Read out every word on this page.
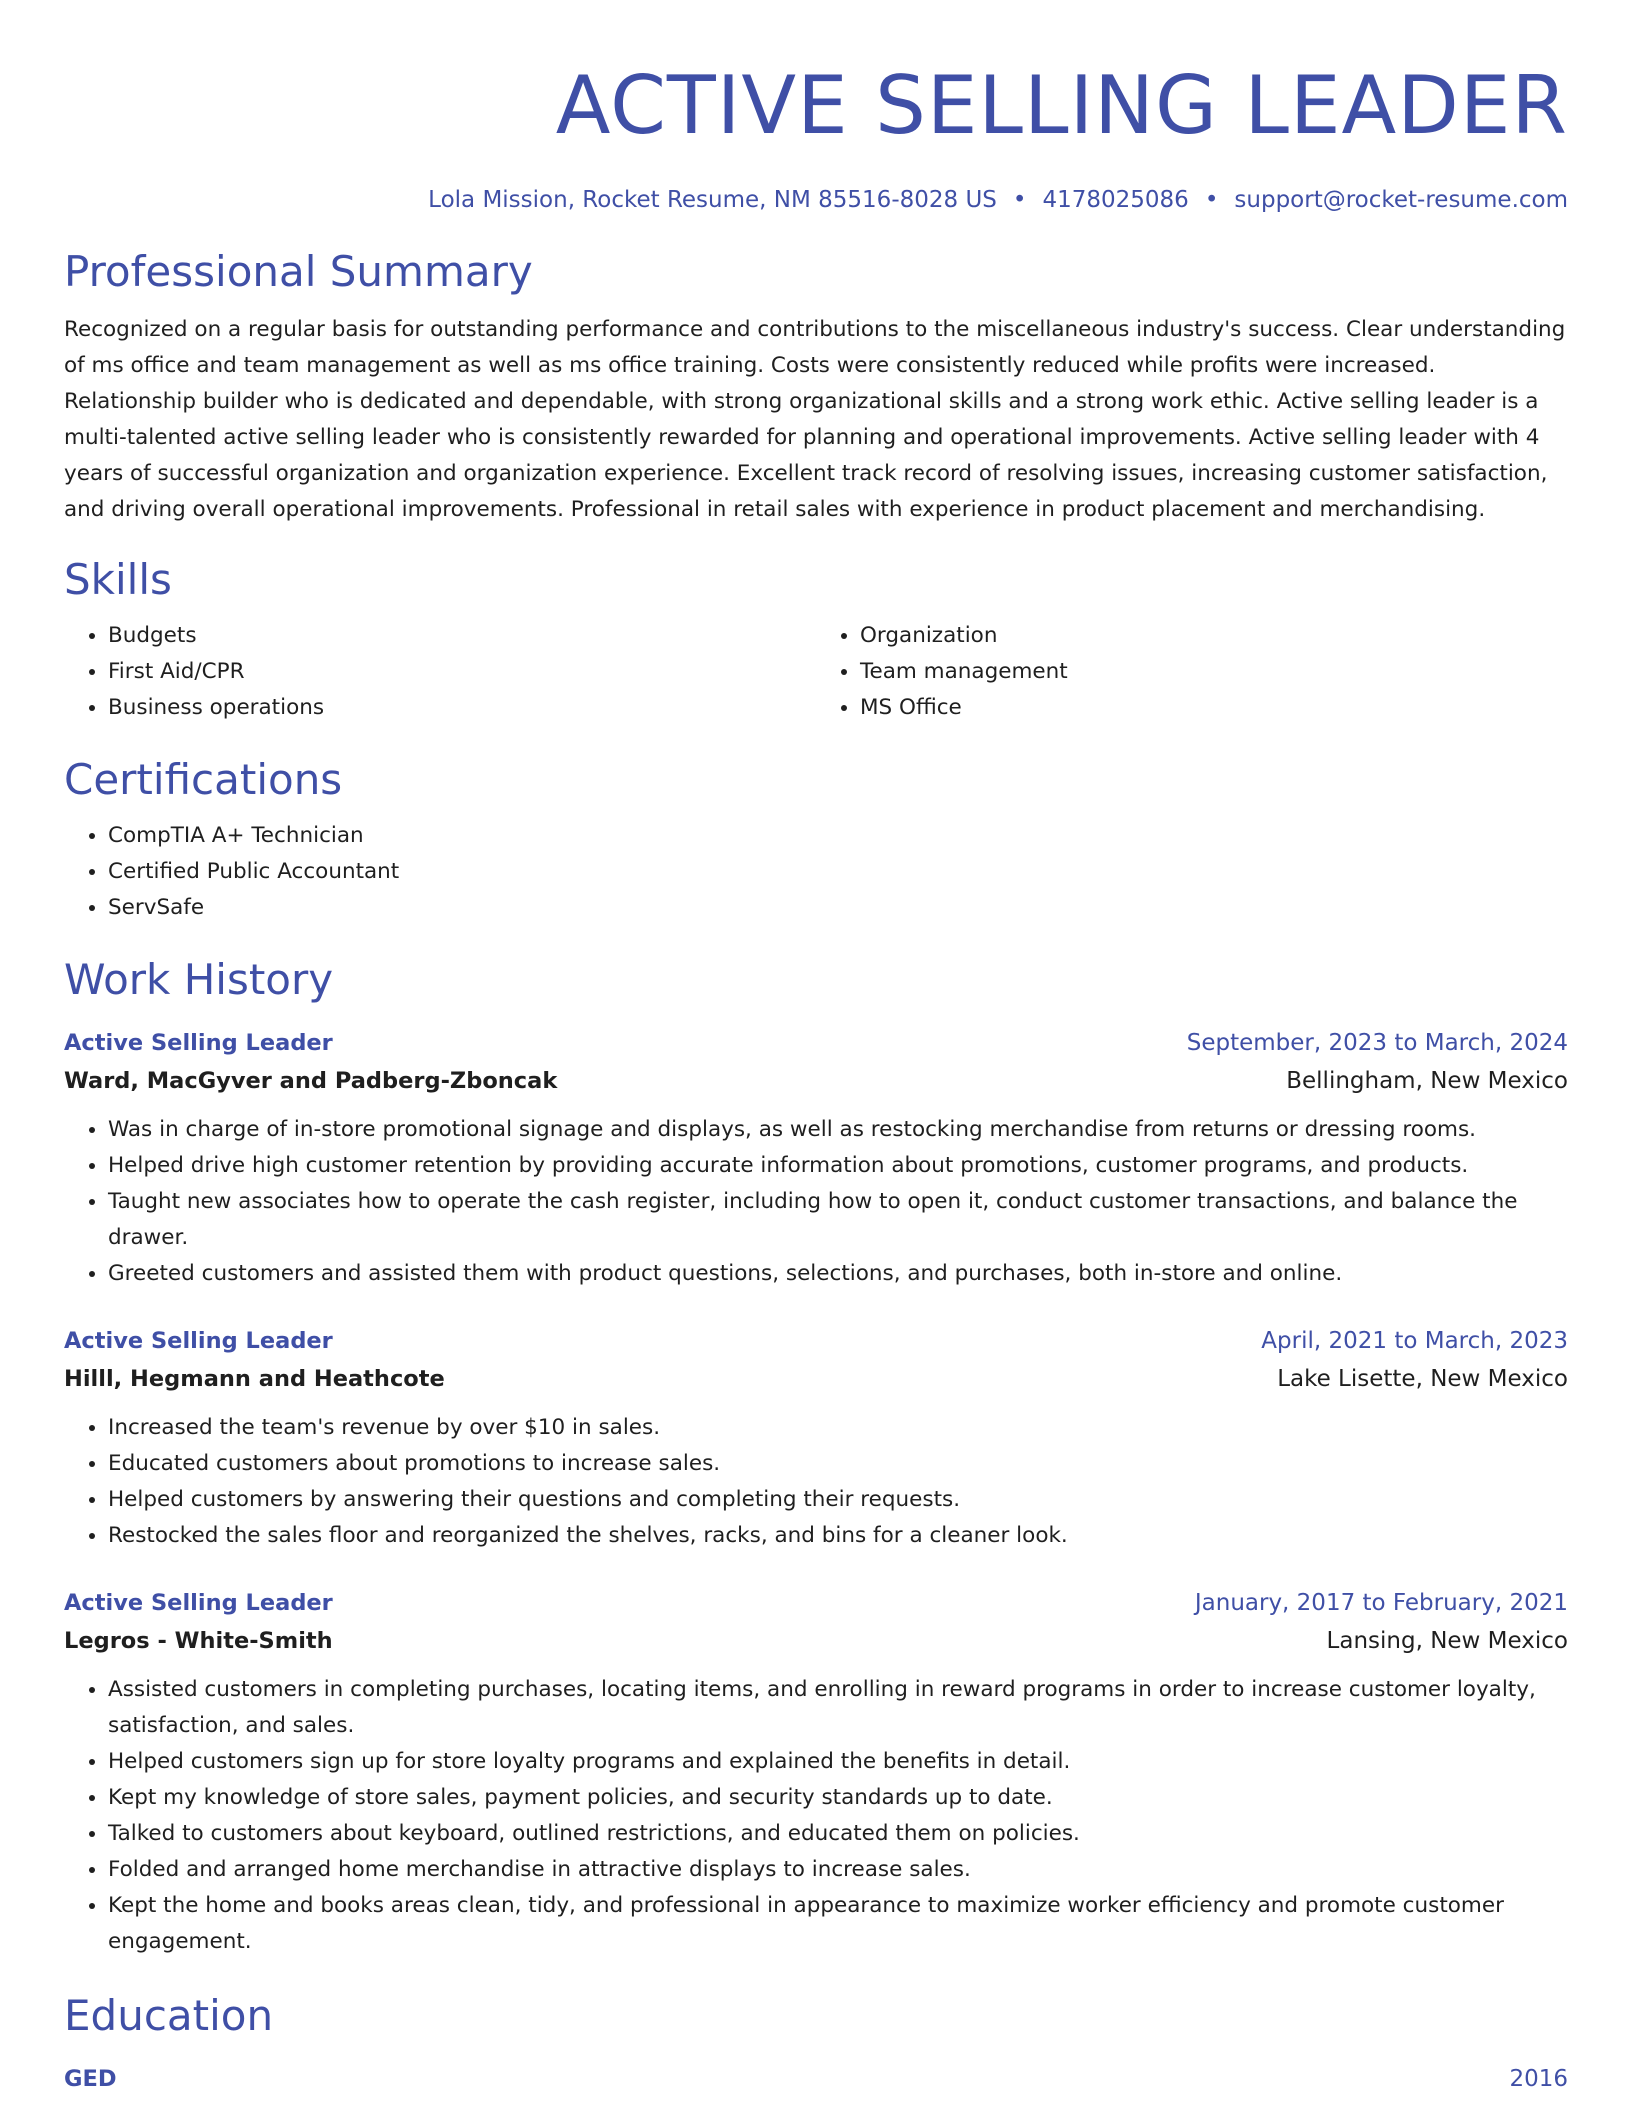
ACTIVE SELLING LEADER
Lola Mission, Rocket Resume, NM 85516-8028 US • 4178025086 • support@rocket-resume.com
Professional Summary

Recognized on a regular basis for outstanding performance and contributions to the miscellaneous industry's success. Clear understanding of ms office and team management as well as ms office training. Costs were consistently reduced while profits were increased. Relationship builder who is dedicated and dependable, with strong organizational skills and a strong work ethic. Active selling leader is a multi-talented active selling leader who is consistently rewarded for planning and operational improvements. Active selling leader with 4 years of successful organization and organization experience. Excellent track record of resolving issues, increasing customer satisfaction, and driving overall operational improvements. Professional in retail sales with experience in product placement and merchandising.

Skills
• Budgets
• First Aid/CPR
• Business operations
• Organization
• Team management
• MS Office
Certifications
• CompTIA A+ Technician
• Certified Public Accountant
• ServSafe
Work History
Active Selling Leader	September, 2023 to March, 2024
Ward, MacGyver and Padberg-Zboncak	Bellingham, New Mexico
• Was in charge of in-store promotional signage and displays, as well as restocking merchandise from returns or dressing rooms.
• Helped drive high customer retention by providing accurate information about promotions, customer programs, and products.
• Taught new associates how to operate the cash register, including how to open it, conduct customer transactions, and balance the drawer.
• Greeted customers and assisted them with product questions, selections, and purchases, both in-store and online.
Active Selling Leader	April, 2021 to March, 2023
Hilll, Hegmann and Heathcote	Lake Lisette, New Mexico
• Increased the team's revenue by over $10 in sales.
• Educated customers about promotions to increase sales.
• Helped customers by answering their questions and completing their requests.
• Restocked the sales floor and reorganized the shelves, racks, and bins for a cleaner look.
Active Selling Leader	January, 2017 to February, 2021
Legros - White-Smith	Lansing, New Mexico
• Assisted customers in completing purchases, locating items, and enrolling in reward programs in order to increase customer loyalty, satisfaction, and sales.
• Helped customers sign up for store loyalty programs and explained the benefits in detail.
• Kept my knowledge of store sales, payment policies, and security standards up to date.
• Talked to customers about keyboard, outlined restrictions, and educated them on policies.
• Folded and arranged home merchandise in attractive displays to increase sales.
• Kept the home and books areas clean, tidy, and professional in appearance to maximize worker efficiency and promote customer engagement.
Education
GED	2016
